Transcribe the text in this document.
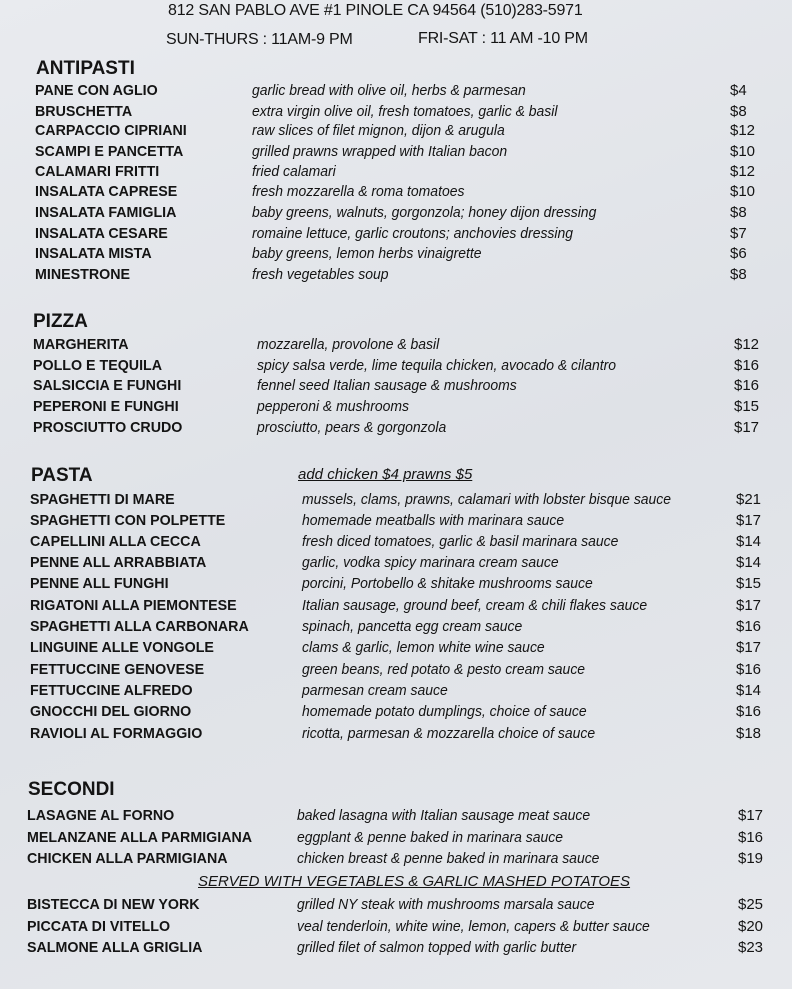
812 SAN PABLO AVE #1 PINOLE CA 94564 (510)283-5971
SUN-THURS : 11AM-9 PM	FRI-SAT : 11 AM -10 PM
ANTIPASTI
PANE CON AGLIO	garlic bread with olive oil, herbs & parmesan	$4
BRUSCHETTA	extra virgin olive oil, fresh tomatoes, garlic & basil	$8
CARPACCIO CIPRIANI	raw slices of filet mignon, dijon & arugula	$12
SCAMPI E PANCETTA	grilled prawns wrapped with Italian bacon	$10
CALAMARI FRITTI	fried calamari	$12
INSALATA CAPRESE	fresh mozzarella & roma tomatoes	$10
INSALATA FAMIGLIA	baby greens, walnuts, gorgonzola; honey dijon dressing	$8
INSALATA CESARE	romaine lettuce, garlic croutons; anchovies dressing	$7
INSALATA MISTA	baby greens, lemon herbs vinaigrette	$6
MINESTRONE	fresh vegetables soup	$8
PIZZA
MARGHERITA	mozzarella, provolone & basil	$12
POLLO E TEQUILA	spicy salsa verde, lime tequila chicken, avocado & cilantro	$16
SALSICCIA E FUNGHI	fennel seed Italian sausage & mushrooms	$16
PEPERONI E FUNGHI	pepperoni & mushrooms	$15
PROSCIUTTO CRUDO	prosciutto, pears & gorgonzola	$17
PASTA	add chicken $4 prawns $5
SPAGHETTI DI MARE	mussels, clams, prawns, calamari with lobster bisque sauce	$21
SPAGHETTI CON POLPETTE	homemade meatballs with marinara sauce	$17
CAPELLINI ALLA CECCA	fresh diced tomatoes, garlic & basil marinara sauce	$14
PENNE ALL ARRABBIATA	garlic, vodka spicy marinara cream sauce	$14
PENNE ALL FUNGHI	porcini, Portobello & shitake mushrooms sauce	$15
RIGATONI ALLA PIEMONTESE	Italian sausage, ground beef, cream & chili flakes sauce	$17
SPAGHETTI ALLA CARBONARA	spinach, pancetta egg cream sauce	$16
LINGUINE ALLE VONGOLE	clams & garlic, lemon white wine sauce	$17
FETTUCCINE GENOVESE	green beans, red potato & pesto cream sauce	$16
FETTUCCINE ALFREDO	parmesan cream sauce	$14
GNOCCHI DEL GIORNO	homemade potato dumplings, choice of sauce	$16
RAVIOLI AL FORMAGGIO	ricotta, parmesan & mozzarella choice of sauce	$18
SECONDI
SERVED WITH VEGETABLES & GARLIC MASHED POTATOES
LASAGNE AL FORNO	baked lasagna with Italian sausage meat sauce	$17
MELANZANE ALLA PARMIGIANA	eggplant & penne baked in marinara sauce	$16
CHICKEN ALLA PARMIGIANA	chicken breast & penne baked in marinara sauce	$19
BISTECCA DI NEW YORK	grilled NY steak with mushrooms marsala sauce	$25
PICCATA DI VITELLO	veal tenderloin, white wine, lemon, capers & butter sauce	$20
SALMONE ALLA GRIGLIA	grilled filet of salmon topped with garlic butter	$23
